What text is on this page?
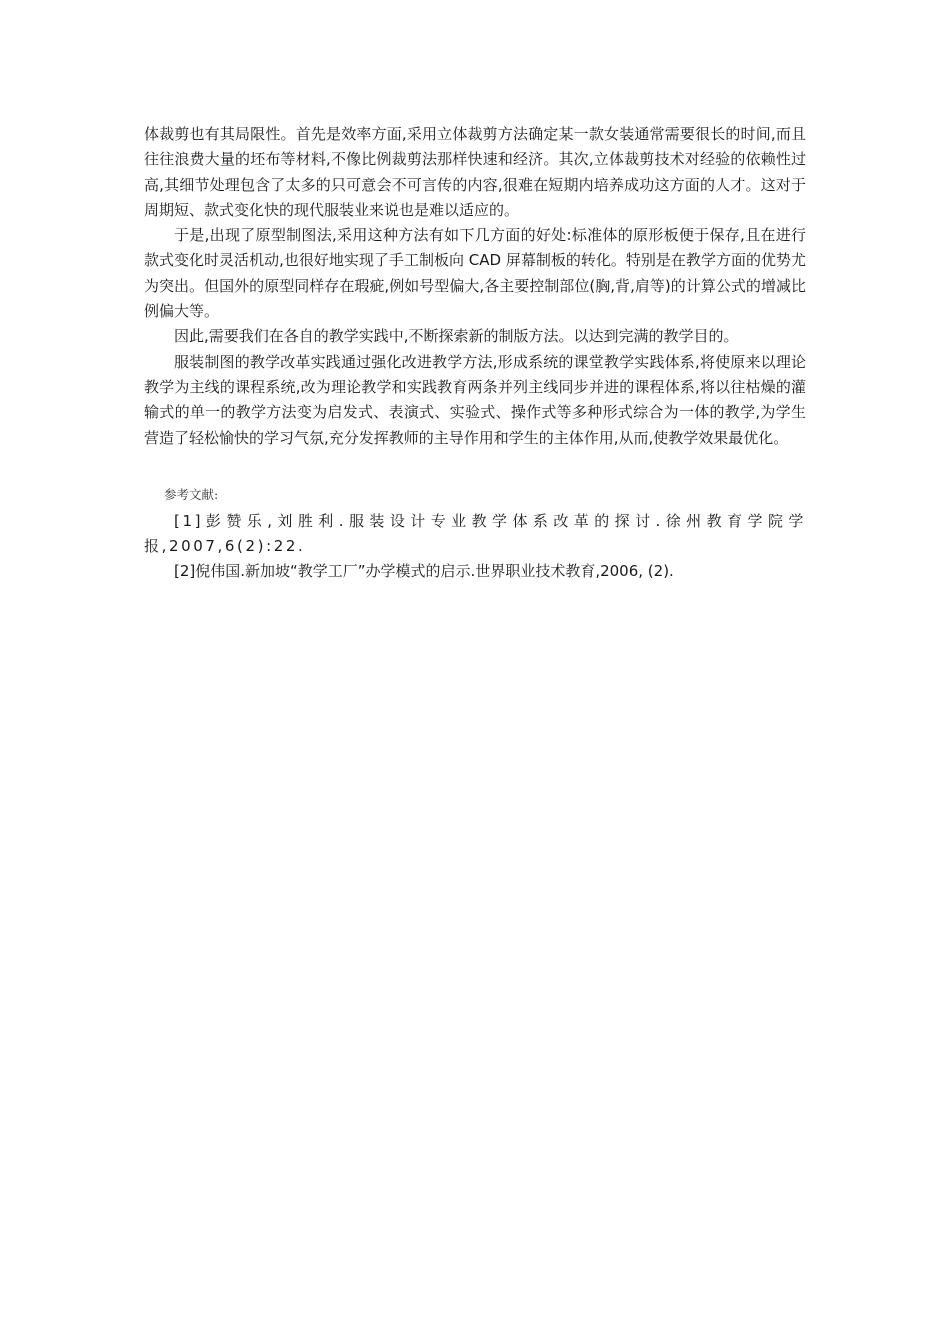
体裁剪也有其局限性。首先是效率方面,采用立体裁剪方法确定某一款女装通常需要很长的时间,而且往往浪费大量的坯布等材料,不像比例裁剪法那样快速和经济。其次,立体裁剪技术对经验的依赖性过高,其细节处理包含了太多的只可意会不可言传的内容,很难在短期内培养成功这方面的人才。这对于周期短、款式变化快的现代服装业来说也是难以适应的。

于是,出现了原型制图法,采用这种方法有如下几方面的好处:标准体的原形板便于保存,且在进行款式变化时灵活机动,也很好地实现了手工制板向 CAD 屏幕制板的转化。特别是在教学方面的优势尤为突出。但国外的原型同样存在瑕疵,例如号型偏大,各主要控制部位(胸,背,肩等)的计算公式的增减比例偏大等。

因此,需要我们在各自的教学实践中,不断探索新的制版方法。以达到完满的教学目的。

服装制图的教学改革实践通过强化改进教学方法,形成系统的课堂教学实践体系,将使原来以理论教学为主线的课程系统,改为理论教学和实践教育两条并列主线同步并进的课程体系,将以往枯燥的灌输式的单一的教学方法变为启发式、表演式、实验式、操作式等多种形式综合为一体的教学,为学生营造了轻松愉快的学习气氛,充分发挥教师的主导作用和学生的主体作用,从而,使教学效果最优化。

参考文献:

[1]彭赞乐,刘胜利.服装设计专业教学体系改革的探讨.徐州教育学院学报,2007,6(2):22.

[2]倪伟国.新加坡“教学工厂”办学模式的启示.世界职业技术教育,2006, (2).
